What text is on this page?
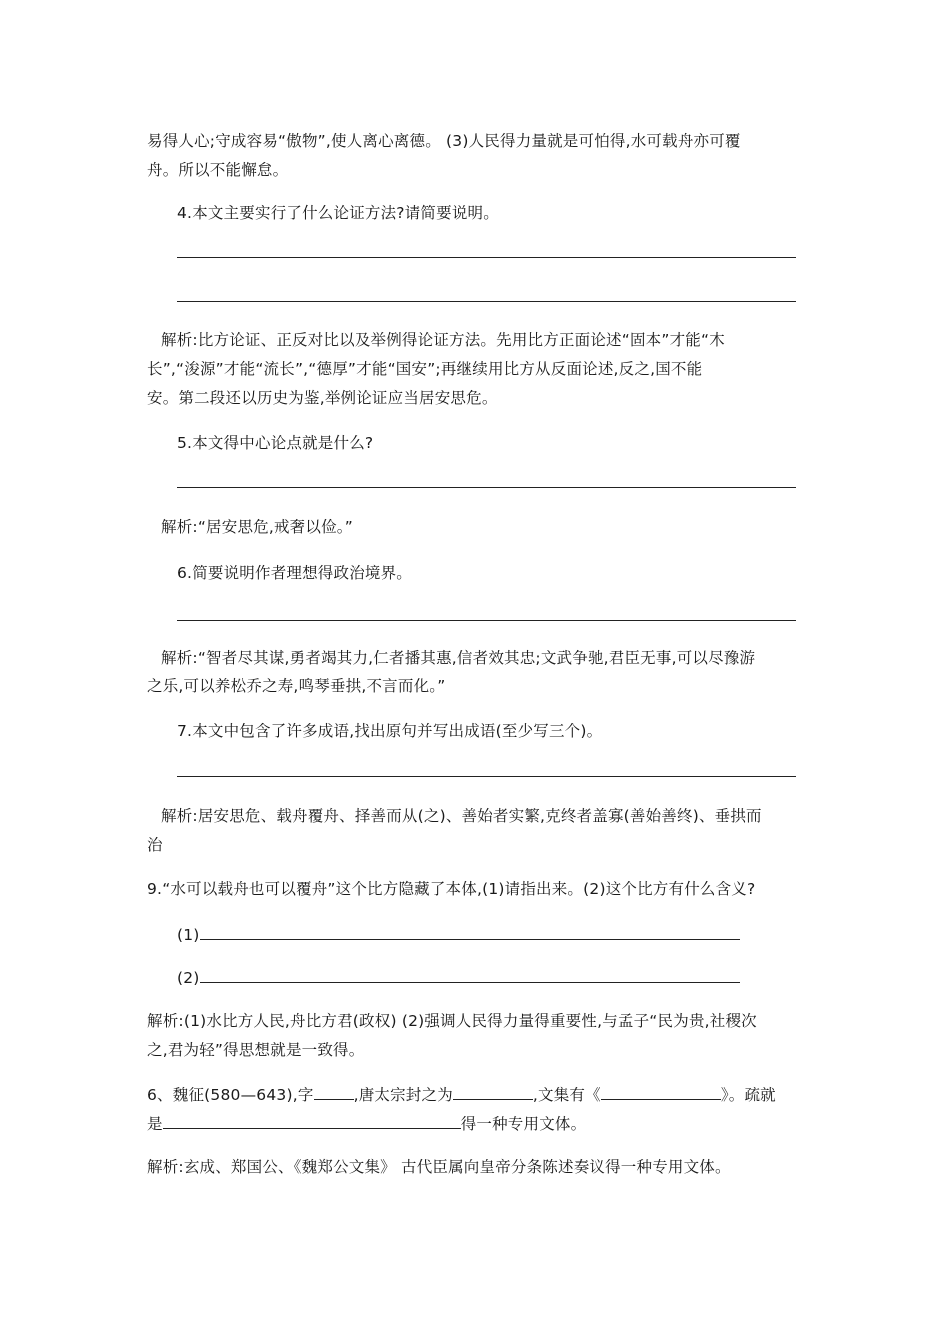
易得人心;守成容易“傲物”,使人离心离德。 (3)人民得力量就是可怕得,水可载舟亦可覆
舟。所以不能懈怠。
4.本文主要实行了什么论证方法?请简要说明。
解析:比方论证、正反对比以及举例得论证方法。先用比方正面论述“固本”才能“木
长”,“浚源”才能“流长”,“德厚”才能“国安”;再继续用比方从反面论述,反之,国不能
安。第二段还以历史为鉴,举例论证应当居安思危。
5.本文得中心论点就是什么?
解析:“居安思危,戒奢以俭。”
6.简要说明作者理想得政治境界。
解析:“智者尽其谋,勇者竭其力,仁者播其惠,信者效其忠;文武争驰,君臣无事,可以尽豫游
之乐,可以养松乔之寿,鸣琴垂拱,不言而化。”
7.本文中包含了许多成语,找出原句并写出成语(至少写三个)。
解析:居安思危、载舟覆舟、择善而从(之)、善始者实繁,克终者盖寡(善始善终)、垂拱而
治
9.“水可以载舟也可以覆舟”这个比方隐藏了本体,(1)请指出来。(2)这个比方有什么含义?
(1)
(2)
解析:(1)水比方人民,舟比方君(政权) (2)强调人民得力量得重要性,与孟子“民为贵,社稷次
之,君为轻”得思想就是一致得。
6、魏征(580—643),字	,唐太宗封之为	,文集有《	》。疏就
是	得一种专用文体。
解析:玄成、郑国公、《魏郑公文集》 古代臣属向皇帝分条陈述奏议得一种专用文体。
